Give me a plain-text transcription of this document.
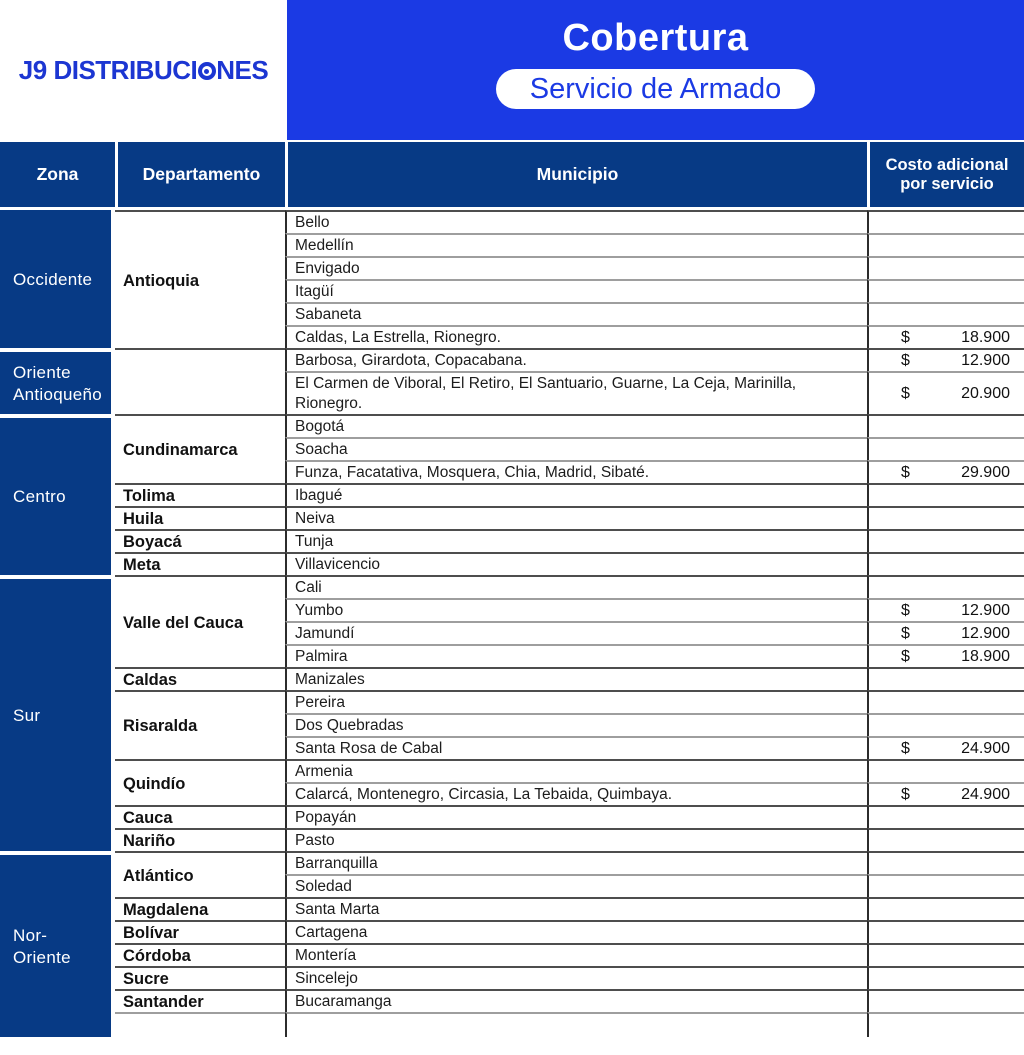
J9 DISTRIBUCI NES
Cobertura
Servicio de Armado
Zona	Departamento	Municipio	Costo adicional por servicio
Occidente	Antioquia	Bello	
		Medellín	
		Envigado	
		Itagüí	
		Sabaneta	
		Caldas, La Estrella, Rionegro.	$ 18.900

Oriente Antioqueño		Barbosa, Girardota, Copacabana.	$ 12.900

		El Carmen de Viboral, El Retiro, El Santuario, Guarne, La Ceja, Marinilla, Rionegro.	$ 20.900

Centro	Cundinamarca	Bogotá	
		Soacha	
		Funza, Facatativa, Mosquera, Chia, Madrid, Sibaté.	$ 29.900

	Tolima	Ibagué	
	Huila	Neiva	
	Boyacá	Tunja	
	Meta	Villavicencio	
Sur	Valle del Cauca	Cali	
		Yumbo	$ 12.900

		Jamundí	$ 12.900

		Palmira	$ 18.900

	Caldas	Manizales	
	Risaralda	Pereira	
		Dos Quebradas	
		Santa Rosa de Cabal	$ 24.900

	Quindío	Armenia	
		Calarcá, Montenegro, Circasia, La Tebaida, Quimbaya.	$ 24.900

	Cauca	Popayán	
	Nariño	Pasto	
Nor-Oriente	Atlántico	Barranquilla	
		Soledad	
	Magdalena	Santa Marta	
	Bolívar	Cartagena	
	Córdoba	Montería	
	Sucre	Sincelejo	
	Santander	Bucaramanga	
